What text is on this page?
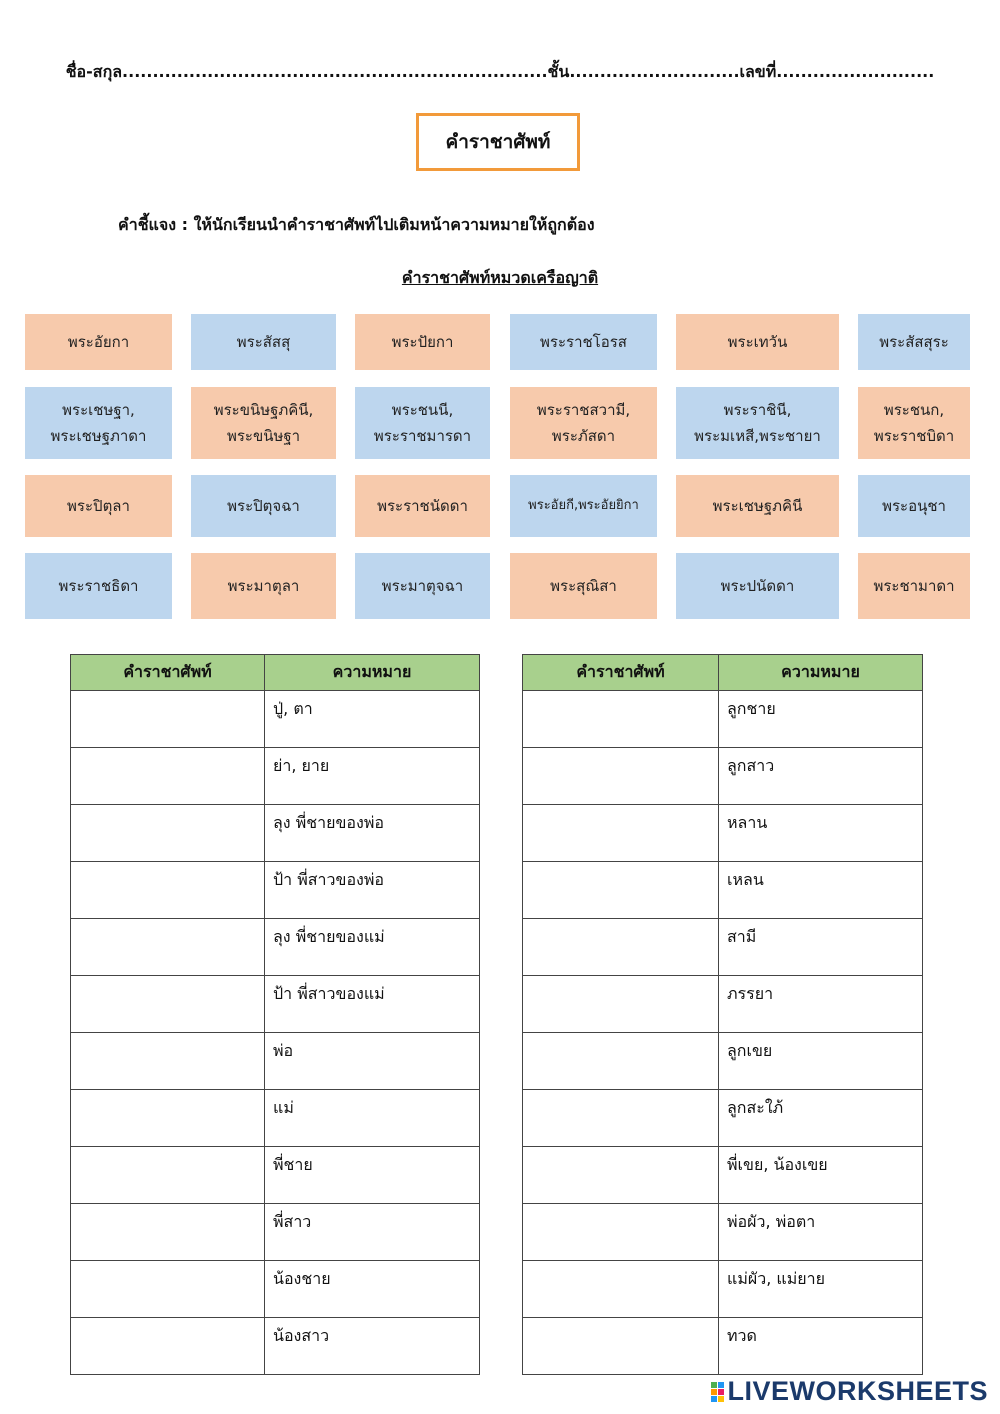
ชื่อ-สกุล......................................................................ชั้น............................เลขที่..........................
คำราชาศัพท์
คำชี้แจง : ให้นักเรียนนำคำราชาศัพท์ไปเติมหน้าความหมายให้ถูกต้อง
คำราชาศัพท์หมวดเครือญาติ
พระอัยกา	พระสัสสุ	พระปัยกา	พระราชโอรส	พระเทวัน	พระสัสสุระ
พระเชษฐา,
พระเชษฐภาดา
พระขนิษฐภคินี,
พระขนิษฐา
พระชนนี,
พระราชมารดา
พระราชสวามี,
พระภัสดา
พระราชินี,
พระมเหสี,พระชายา
พระชนก,
พระราชบิดา
พระปิตุลา	พระปิตุจฉา	พระราชนัดดา	พระอัยกี,พระอัยยิกา	พระเชษฐภคินี	พระอนุชา
พระราชธิดา	พระมาตุลา	พระมาตุจฉา	พระสุณิสา	พระปนัดดา	พระชามาดา
คำราชาศัพท์	ความหมาย
	ปู่, ตา
	ย่า, ยาย
	ลุง พี่ชายของพ่อ
	ป้า พี่สาวของพ่อ
	ลุง พี่ชายของแม่
	ป้า พี่สาวของแม่
	พ่อ
	แม่
	พี่ชาย
	พี่สาว
	น้องชาย
	น้องสาว
คำราชาศัพท์	ความหมาย
	ลูกชาย
	ลูกสาว
	หลาน
	เหลน
	สามี
	ภรรยา
	ลูกเขย
	ลูกสะใภ้
	พี่เขย, น้องเขย
	พ่อผัว, พ่อตา
	แม่ผัว, แม่ยาย
	ทวด
LIVEWORKSHEETS
